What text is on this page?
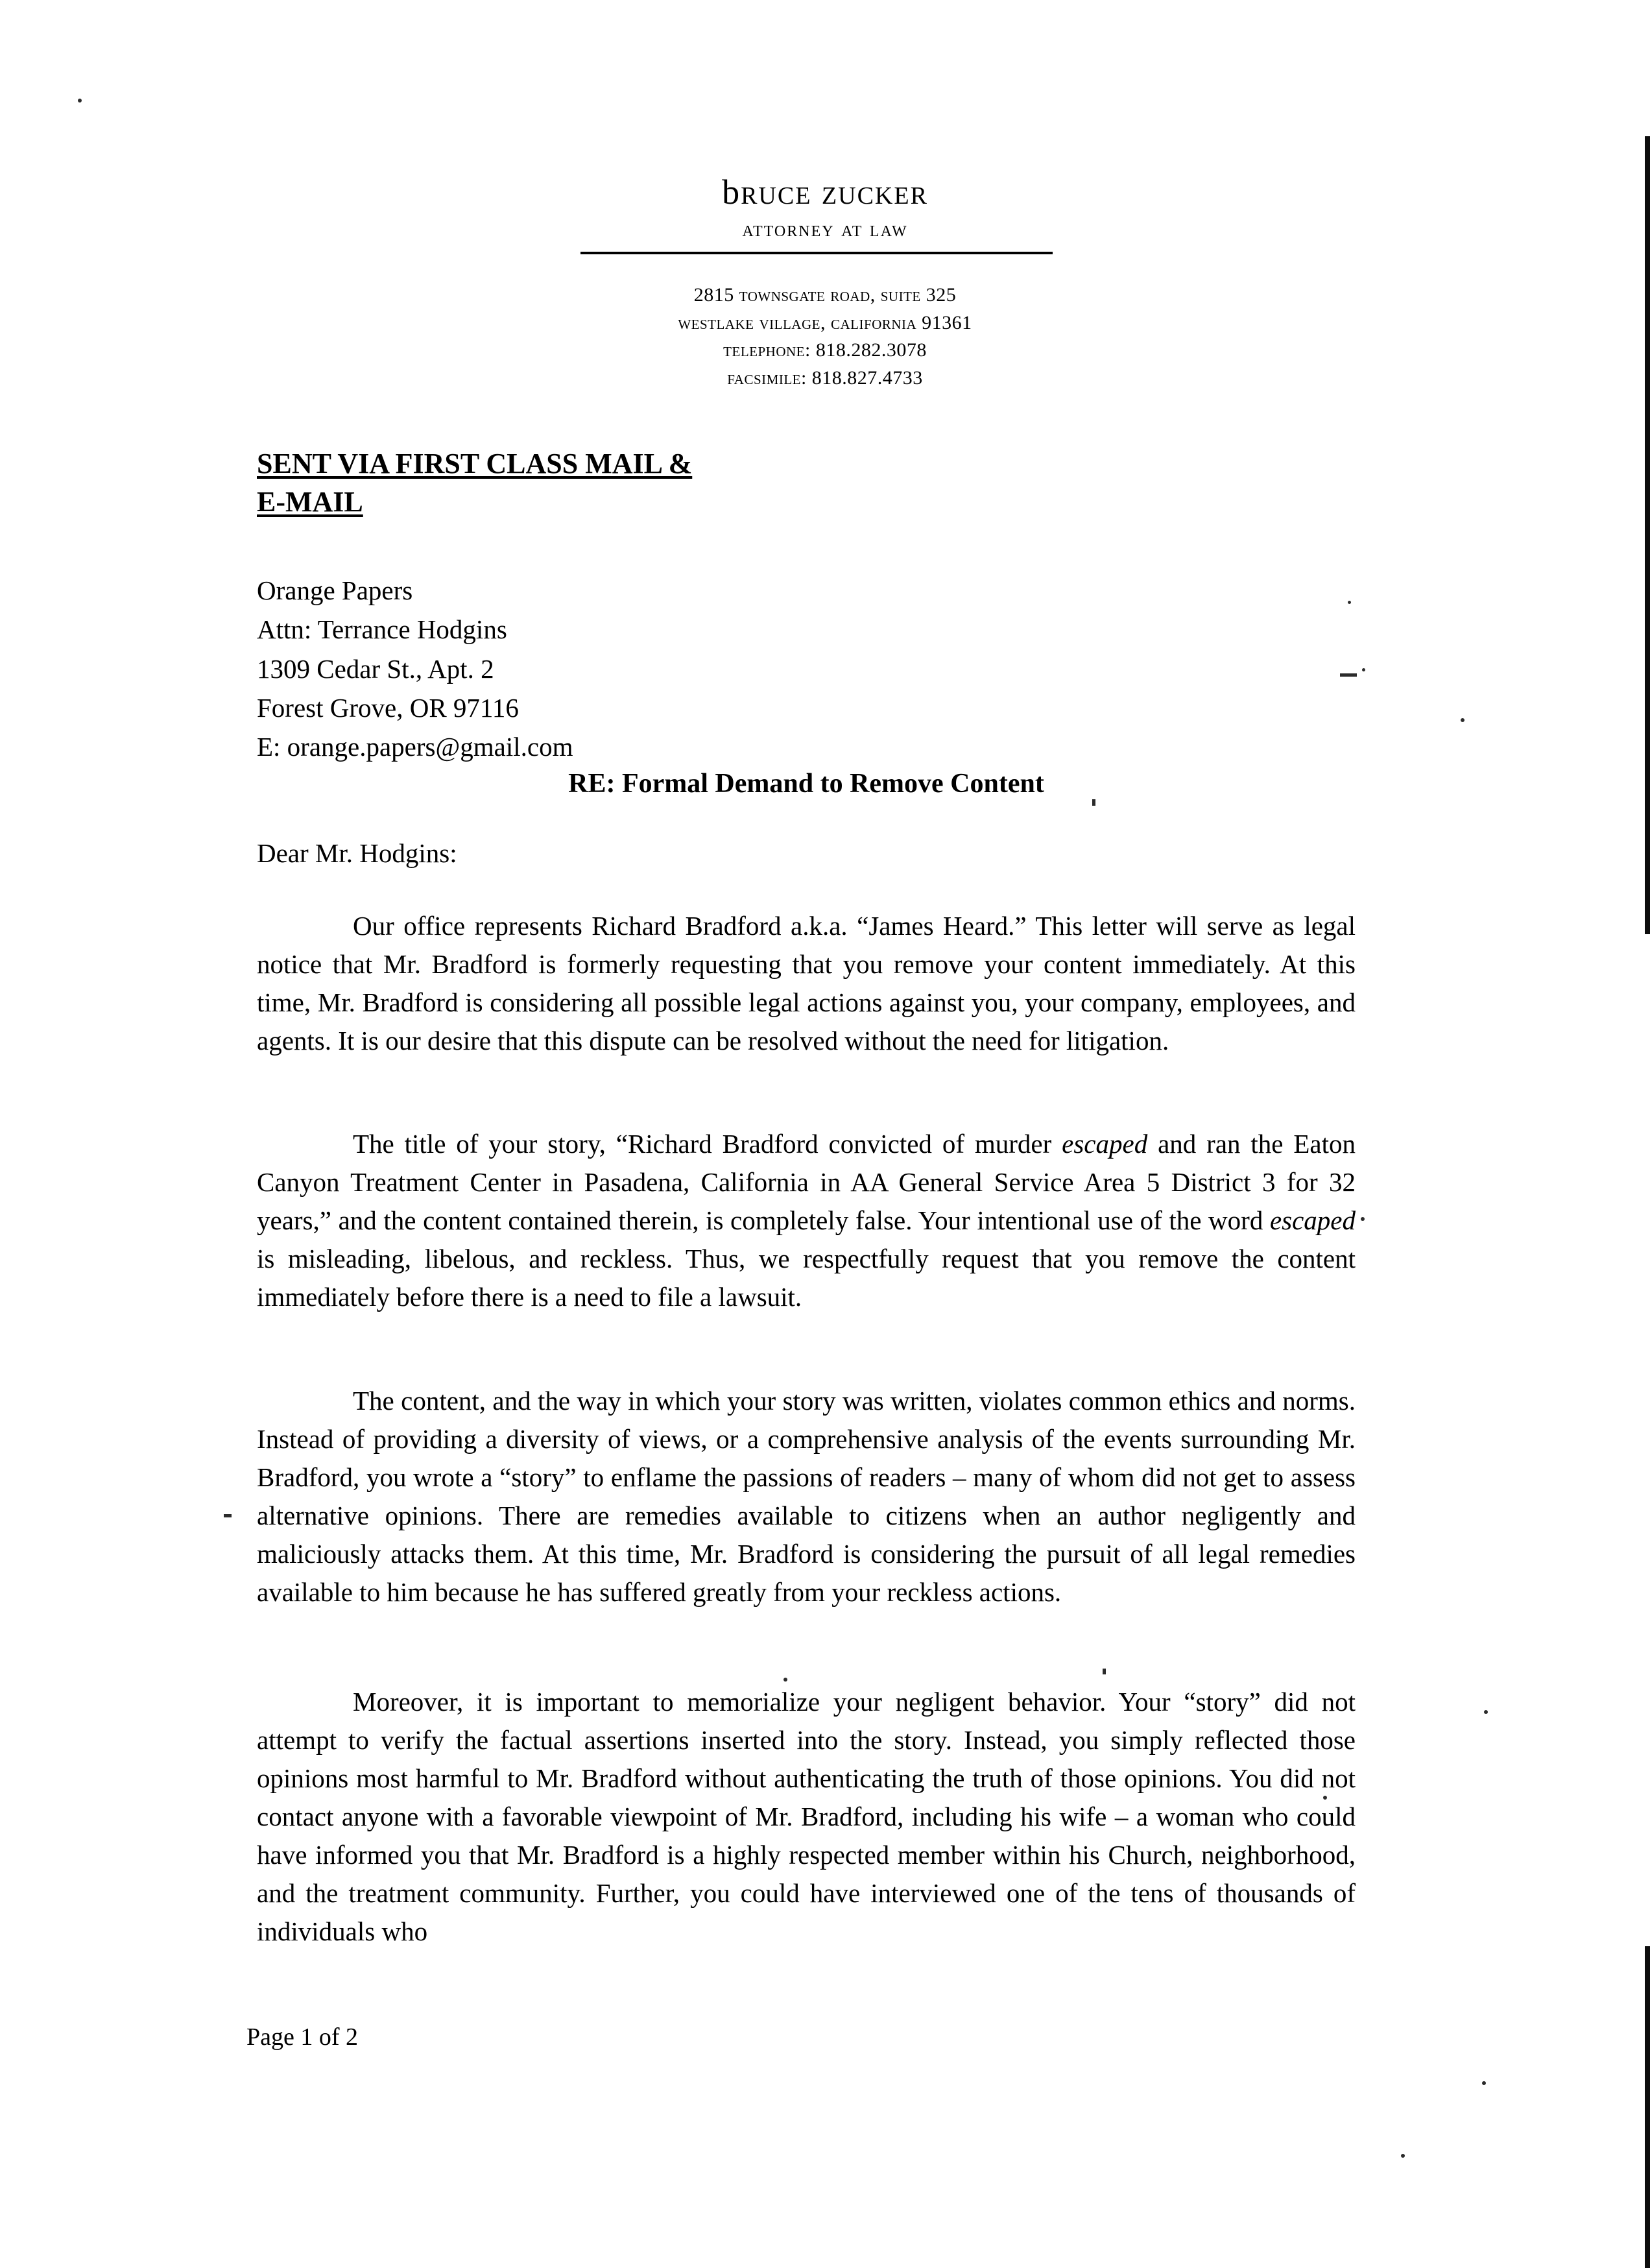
bruce zucker
attorney at law
2815 townsgate road, suite 325
westlake village, california 91361
telephone: 818.282.3078
facsimile: 818.827.4733
SENT VIA FIRST CLASS MAIL &
E-MAIL
Orange Papers
Attn: Terrance Hodgins
1309 Cedar St., Apt. 2
Forest Grove, OR 97116
E: orange.papers@gmail.com
RE: Formal Demand to Remove Content
Dear Mr. Hodgins:
Our office represents Richard Bradford a.k.a. “James Heard.” This letter will serve as legal notice that Mr. Bradford is formerly requesting that you remove your content immediately. At this time, Mr. Bradford is considering all possible legal actions against you, your company, employees, and agents. It is our desire that this dispute can be resolved without the need for litigation.
The title of your story, “Richard Bradford convicted of murder escaped and ran the Eaton Canyon Treatment Center in Pasadena, California in AA General Service Area 5 District 3 for 32 years,” and the content contained therein, is completely false. Your intentional use of the word escaped is misleading, libelous, and reckless. Thus, we respectfully request that you remove the content immediately before there is a need to file a lawsuit.
The content, and the way in which your story was written, violates common ethics and norms. Instead of providing a diversity of views, or a comprehensive analysis of the events surrounding Mr. Bradford, you wrote a “story” to enflame the passions of readers – many of whom did not get to assess alternative opinions. There are remedies available to citizens when an author negligently and maliciously attacks them. At this time, Mr. Bradford is considering the pursuit of all legal remedies available to him because he has suffered greatly from your reckless actions.
Moreover, it is important to memorialize your negligent behavior. Your “story” did not attempt to verify the factual assertions inserted into the story. Instead, you simply reflected those opinions most harmful to Mr. Bradford without authenticating the truth of those opinions. You did not contact anyone with a favorable viewpoint of Mr. Bradford, including his wife – a woman who could have informed you that Mr. Bradford is a highly respected member within his Church, neighborhood, and the treatment community. Further, you could have interviewed one of the tens of thousands of individuals who
Page 1 of 2
